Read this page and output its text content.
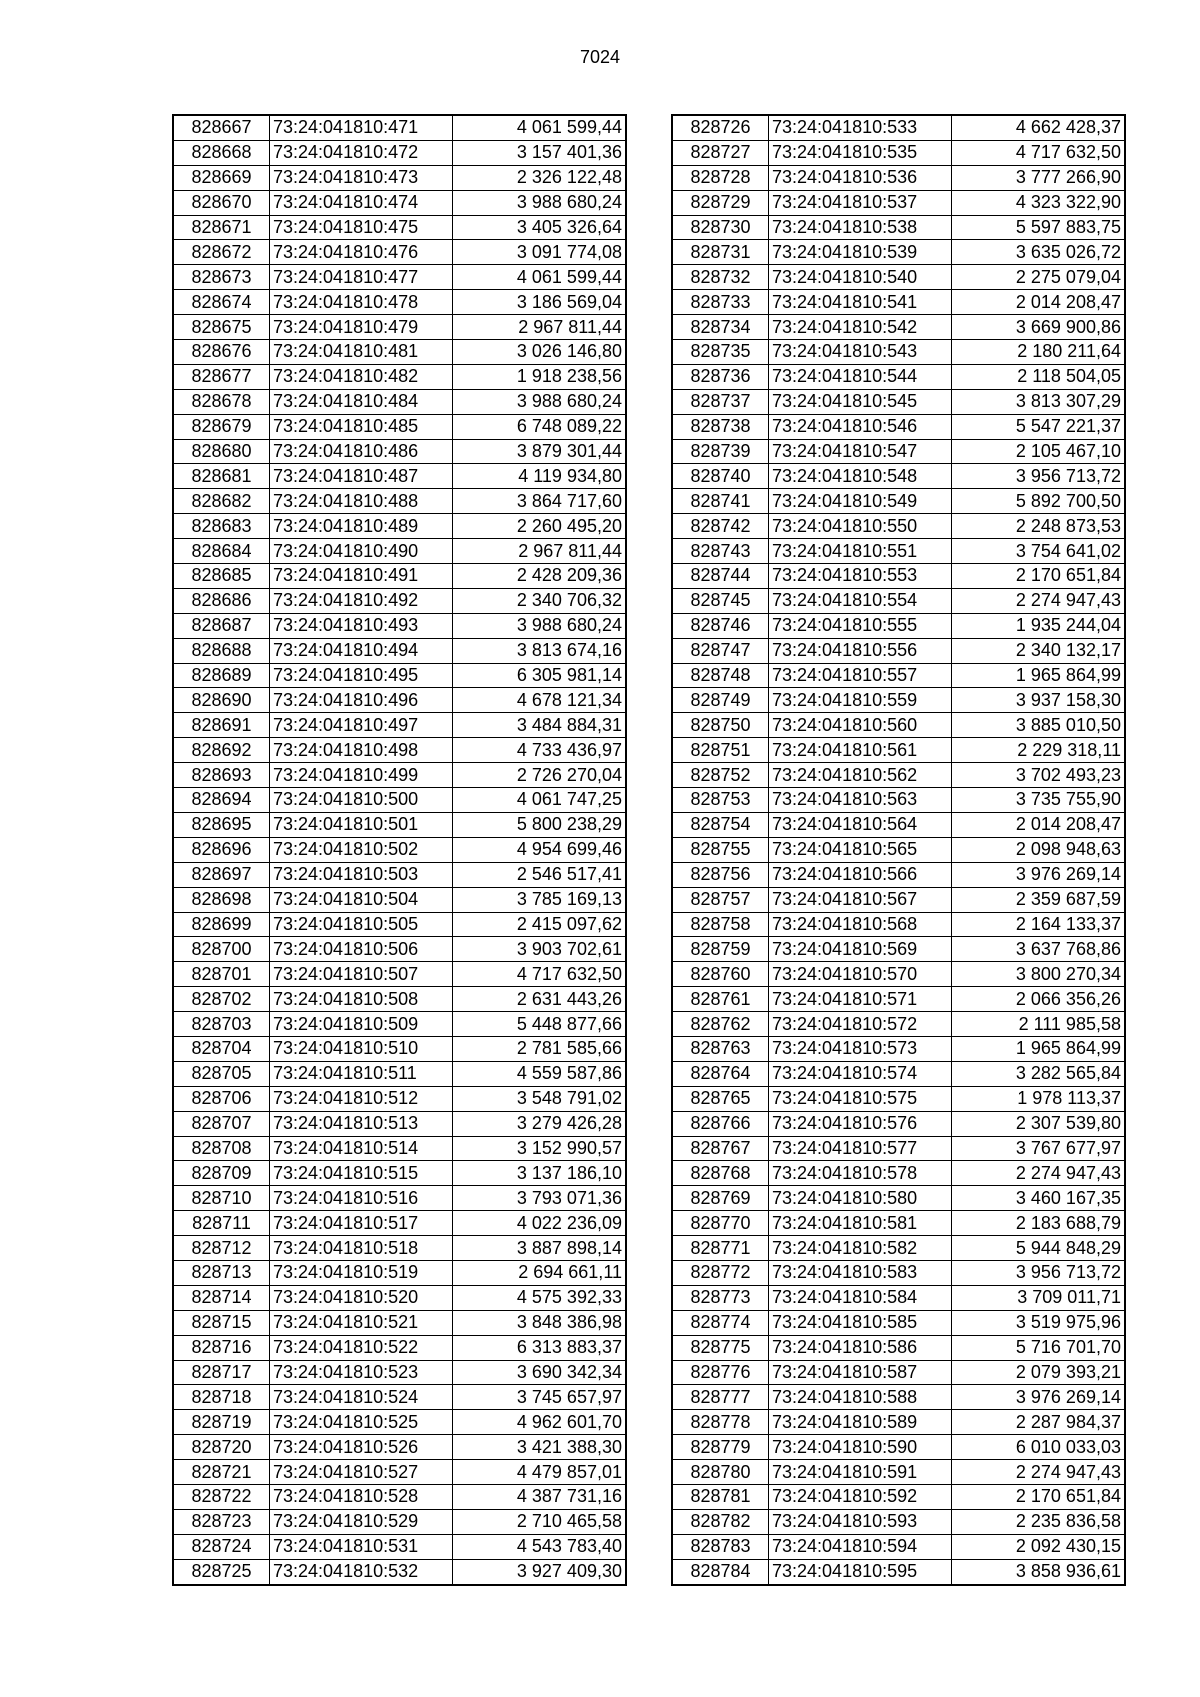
7024
828667	73:24:041810:471	4 061 599,44
828668	73:24:041810:472	3 157 401,36
828669	73:24:041810:473	2 326 122,48
828670	73:24:041810:474	3 988 680,24
828671	73:24:041810:475	3 405 326,64
828672	73:24:041810:476	3 091 774,08
828673	73:24:041810:477	4 061 599,44
828674	73:24:041810:478	3 186 569,04
828675	73:24:041810:479	2 967 811,44
828676	73:24:041810:481	3 026 146,80
828677	73:24:041810:482	1 918 238,56
828678	73:24:041810:484	3 988 680,24
828679	73:24:041810:485	6 748 089,22
828680	73:24:041810:486	3 879 301,44
828681	73:24:041810:487	4 119 934,80
828682	73:24:041810:488	3 864 717,60
828683	73:24:041810:489	2 260 495,20
828684	73:24:041810:490	2 967 811,44
828685	73:24:041810:491	2 428 209,36
828686	73:24:041810:492	2 340 706,32
828687	73:24:041810:493	3 988 680,24
828688	73:24:041810:494	3 813 674,16
828689	73:24:041810:495	6 305 981,14
828690	73:24:041810:496	4 678 121,34
828691	73:24:041810:497	3 484 884,31
828692	73:24:041810:498	4 733 436,97
828693	73:24:041810:499	2 726 270,04
828694	73:24:041810:500	4 061 747,25
828695	73:24:041810:501	5 800 238,29
828696	73:24:041810:502	4 954 699,46
828697	73:24:041810:503	2 546 517,41
828698	73:24:041810:504	3 785 169,13
828699	73:24:041810:505	2 415 097,62
828700	73:24:041810:506	3 903 702,61
828701	73:24:041810:507	4 717 632,50
828702	73:24:041810:508	2 631 443,26
828703	73:24:041810:509	5 448 877,66
828704	73:24:041810:510	2 781 585,66
828705	73:24:041810:511	4 559 587,86
828706	73:24:041810:512	3 548 791,02
828707	73:24:041810:513	3 279 426,28
828708	73:24:041810:514	3 152 990,57
828709	73:24:041810:515	3 137 186,10
828710	73:24:041810:516	3 793 071,36
828711	73:24:041810:517	4 022 236,09
828712	73:24:041810:518	3 887 898,14
828713	73:24:041810:519	2 694 661,11
828714	73:24:041810:520	4 575 392,33
828715	73:24:041810:521	3 848 386,98
828716	73:24:041810:522	6 313 883,37
828717	73:24:041810:523	3 690 342,34
828718	73:24:041810:524	3 745 657,97
828719	73:24:041810:525	4 962 601,70
828720	73:24:041810:526	3 421 388,30
828721	73:24:041810:527	4 479 857,01
828722	73:24:041810:528	4 387 731,16
828723	73:24:041810:529	2 710 465,58
828724	73:24:041810:531	4 543 783,40
828725	73:24:041810:532	3 927 409,30
828726	73:24:041810:533	4 662 428,37
828727	73:24:041810:535	4 717 632,50
828728	73:24:041810:536	3 777 266,90
828729	73:24:041810:537	4 323 322,90
828730	73:24:041810:538	5 597 883,75
828731	73:24:041810:539	3 635 026,72
828732	73:24:041810:540	2 275 079,04
828733	73:24:041810:541	2 014 208,47
828734	73:24:041810:542	3 669 900,86
828735	73:24:041810:543	2 180 211,64
828736	73:24:041810:544	2 118 504,05
828737	73:24:041810:545	3 813 307,29
828738	73:24:041810:546	5 547 221,37
828739	73:24:041810:547	2 105 467,10
828740	73:24:041810:548	3 956 713,72
828741	73:24:041810:549	5 892 700,50
828742	73:24:041810:550	2 248 873,53
828743	73:24:041810:551	3 754 641,02
828744	73:24:041810:553	2 170 651,84
828745	73:24:041810:554	2 274 947,43
828746	73:24:041810:555	1 935 244,04
828747	73:24:041810:556	2 340 132,17
828748	73:24:041810:557	1 965 864,99
828749	73:24:041810:559	3 937 158,30
828750	73:24:041810:560	3 885 010,50
828751	73:24:041810:561	2 229 318,11
828752	73:24:041810:562	3 702 493,23
828753	73:24:041810:563	3 735 755,90
828754	73:24:041810:564	2 014 208,47
828755	73:24:041810:565	2 098 948,63
828756	73:24:041810:566	3 976 269,14
828757	73:24:041810:567	2 359 687,59
828758	73:24:041810:568	2 164 133,37
828759	73:24:041810:569	3 637 768,86
828760	73:24:041810:570	3 800 270,34
828761	73:24:041810:571	2 066 356,26
828762	73:24:041810:572	2 111 985,58
828763	73:24:041810:573	1 965 864,99
828764	73:24:041810:574	3 282 565,84
828765	73:24:041810:575	1 978 113,37
828766	73:24:041810:576	2 307 539,80
828767	73:24:041810:577	3 767 677,97
828768	73:24:041810:578	2 274 947,43
828769	73:24:041810:580	3 460 167,35
828770	73:24:041810:581	2 183 688,79
828771	73:24:041810:582	5 944 848,29
828772	73:24:041810:583	3 956 713,72
828773	73:24:041810:584	3 709 011,71
828774	73:24:041810:585	3 519 975,96
828775	73:24:041810:586	5 716 701,70
828776	73:24:041810:587	2 079 393,21
828777	73:24:041810:588	3 976 269,14
828778	73:24:041810:589	2 287 984,37
828779	73:24:041810:590	6 010 033,03
828780	73:24:041810:591	2 274 947,43
828781	73:24:041810:592	2 170 651,84
828782	73:24:041810:593	2 235 836,58
828783	73:24:041810:594	2 092 430,15
828784	73:24:041810:595	3 858 936,61
